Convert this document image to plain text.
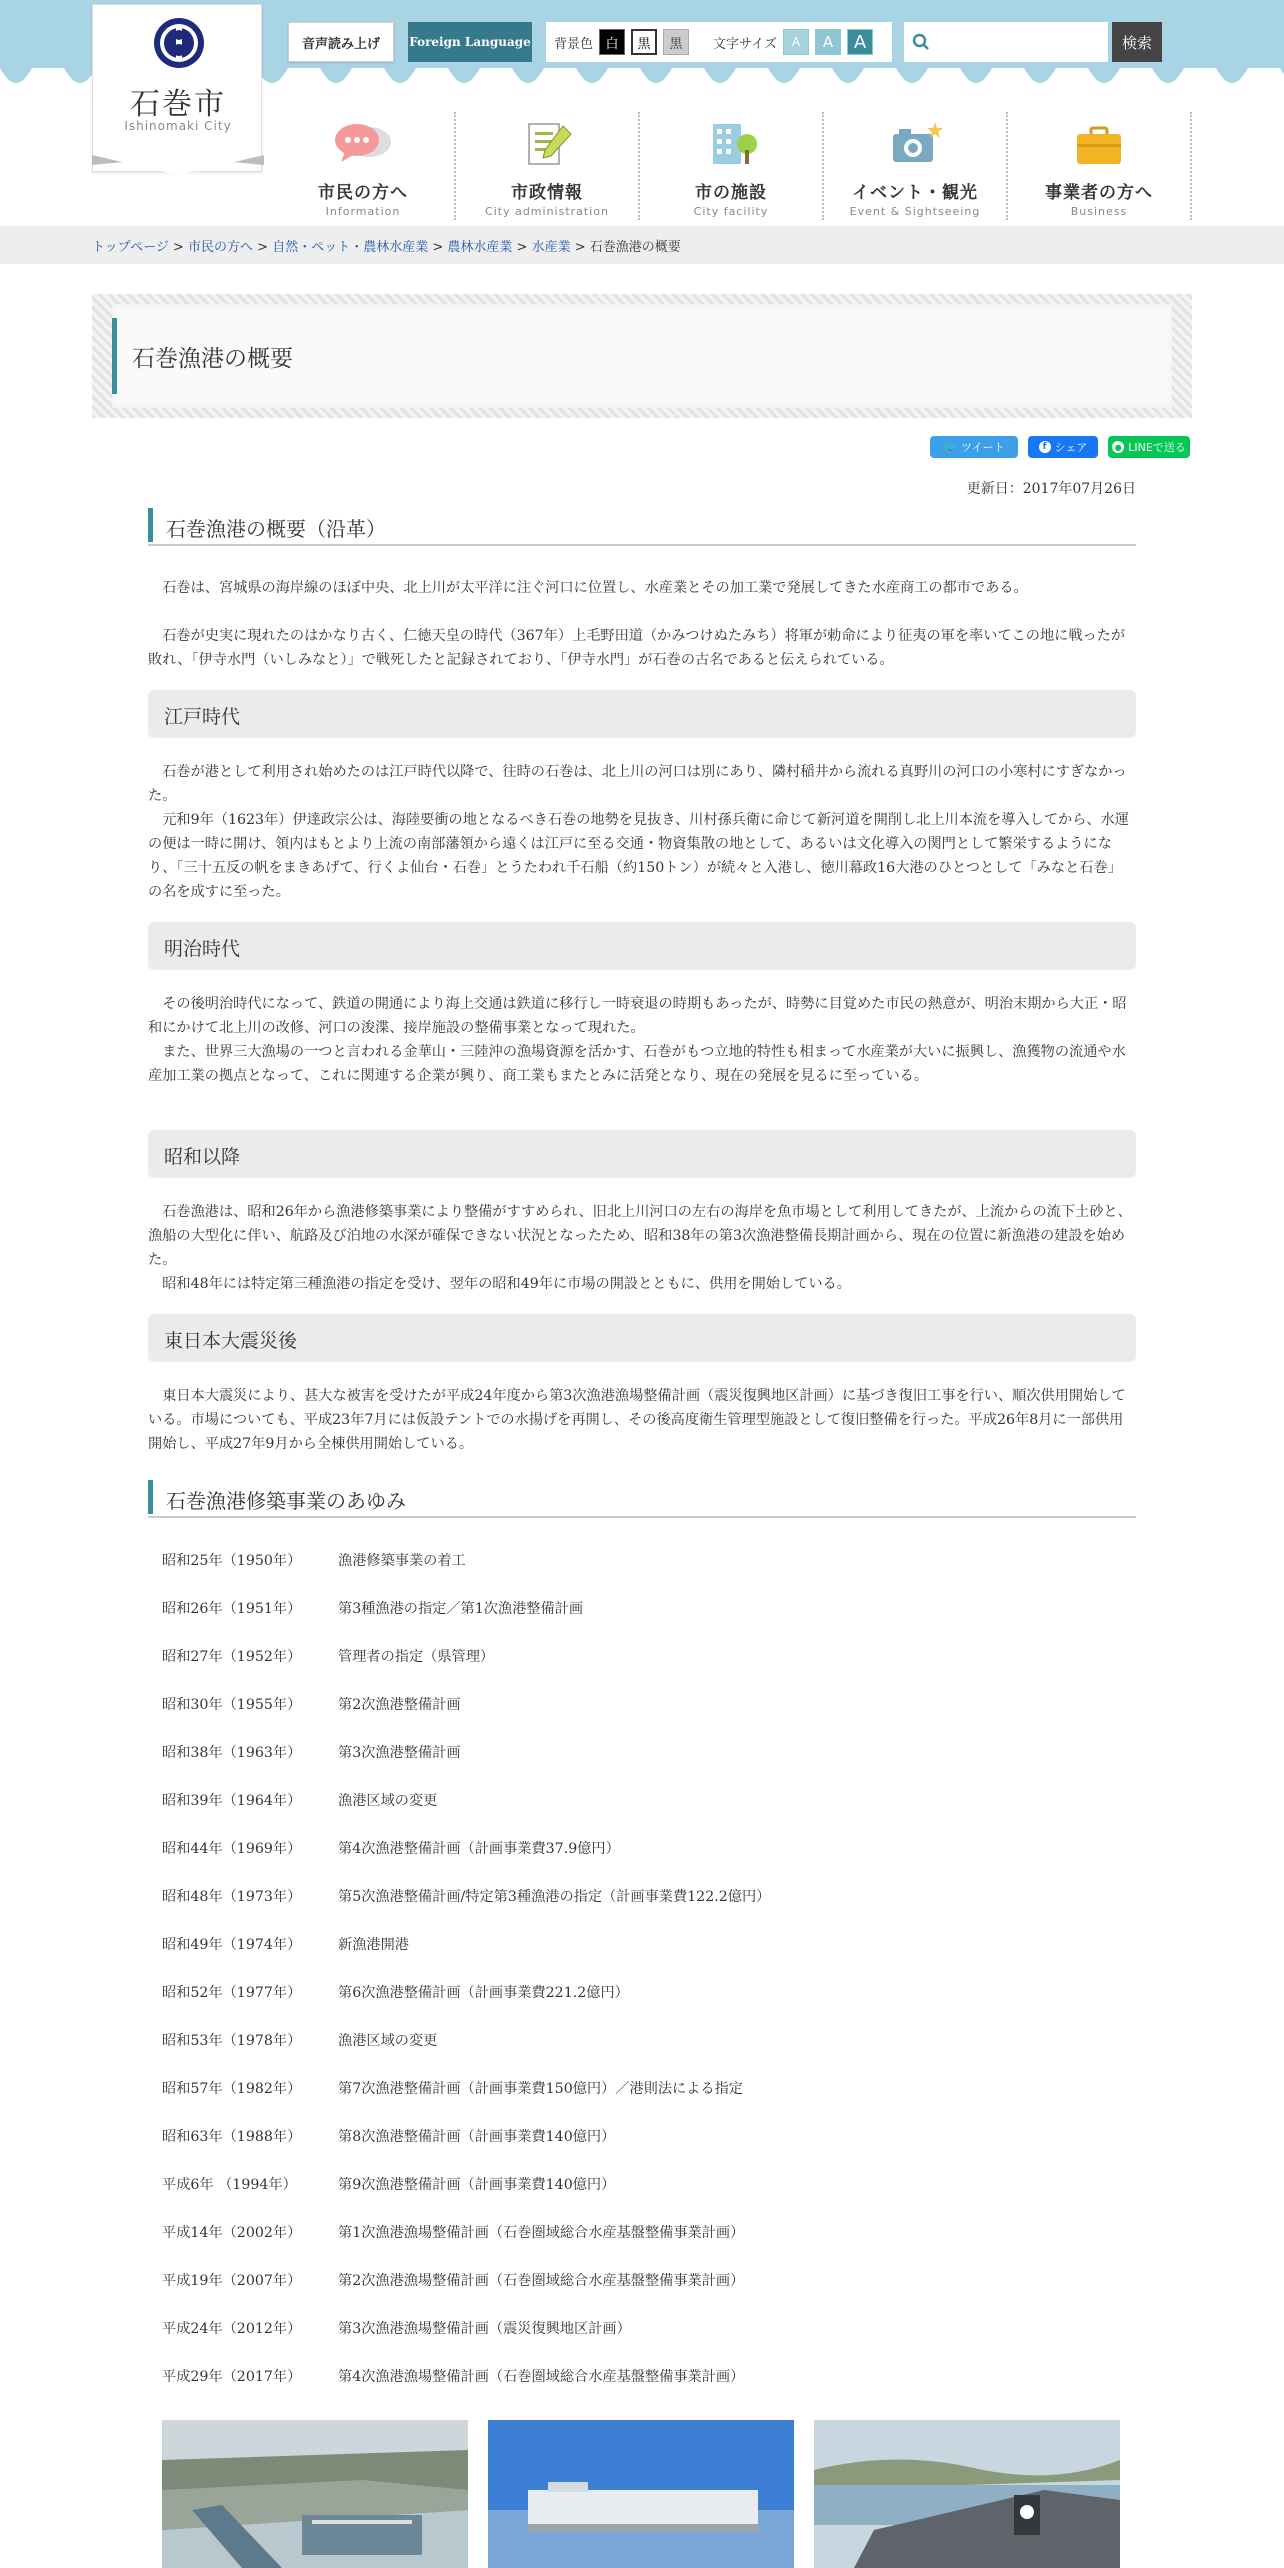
石巻市
Ishinomaki City
音声読み上げ	Foreign Language 背景色 白	黒	黒	文字サイズ	A	A	A	検索
市民の方へ
Information
市政情報
City administration
市の施設
City facility
イベント・観光
Event & Sightseeing
事業者の方へ
Business
トップページ > 市民の方へ > 自然・ペット・農林水産業 > 農林水産業 > 水産業 > 石巻漁港の概要
石巻漁港の概要
🐦 ツイート	f シェア	● LINEで送る
更新日：2017年07月26日
石巻漁港の概要（沿革）
石巻は、宮城県の海岸線のほぼ中央、北上川が太平洋に注ぐ河口に位置し、水産業とその加工業で発展してきた水産商工の都市である。
石巻が史実に現れたのはかなり古く、仁徳天皇の時代（367年）上毛野田道（かみつけぬたみち）将軍が勅命により征夷の軍を率いてこの地に戦ったが敗れ、「伊寺水門（いしみなと）」で戦死したと記録されており、「伊寺水門」が石巻の古名であると伝えられている。
江戸時代
石巻が港として利用され始めたのは江戸時代以降で、往時の石巻は、北上川の河口は別にあり、隣村稲井から流れる真野川の河口の小寒村にすぎなかった。
元和9年（1623年）伊達政宗公は、海陸要衝の地となるべき石巻の地勢を見抜き、川村孫兵衛に命じて新河道を開削し北上川本流を導入してから、水運の便は一時に開け、領内はもとより上流の南部藩領から遠くは江戸に至る交通・物資集散の地として、あるいは文化導入の関門として繁栄するようになり、「三十五反の帆をまきあげて、行くよ仙台・石巻」とうたわれ千石船（約150トン）が続々と入港し、徳川幕政16大港のひとつとして「みなと石巻」の名を成すに至った。
明治時代
その後明治時代になって、鉄道の開通により海上交通は鉄道に移行し一時衰退の時期もあったが、時勢に目覚めた市民の熱意が、明治末期から大正・昭和にかけて北上川の改修、河口の浚渫、接岸施設の整備事業となって現れた。
また、世界三大漁場の一つと言われる金華山・三陸沖の漁場資源を活かす、石巻がもつ立地的特性も相まって水産業が大いに振興し、漁獲物の流通や水産加工業の拠点となって、これに関連する企業が興り、商工業もまたとみに活発となり、現在の発展を見るに至っている。
昭和以降
石巻漁港は、昭和26年から漁港修築事業により整備がすすめられ、旧北上川河口の左右の海岸を魚市場として利用してきたが、上流からの流下土砂と、漁船の大型化に伴い、航路及び泊地の水深が確保できない状況となったため、昭和38年の第3次漁港整備長期計画から、現在の位置に新漁港の建設を始めた。
昭和48年には特定第三種漁港の指定を受け、翌年の昭和49年に市場の開設とともに、供用を開始している。
東日本大震災後
東日本大震災により、甚大な被害を受けたが平成24年度から第3次漁港漁場整備計画（震災復興地区計画）に基づき復旧工事を行い、順次供用開始している。市場についても、平成23年7月には仮設テントでの水揚げを再開し、その後高度衛生管理型施設として復旧整備を行った。平成26年8月に一部供用開始し、平成27年9月から全棟供用開始している。
石巻漁港修築事業のあゆみ
昭和25年（1950年）	漁港修築事業の着工
昭和26年（1951年）	第3種漁港の指定／第1次漁港整備計画
昭和27年（1952年）	管理者の指定（県管理）
昭和30年（1955年）	第2次漁港整備計画
昭和38年（1963年）	第3次漁港整備計画
昭和39年（1964年）	漁港区域の変更
昭和44年（1969年）	第4次漁港整備計画（計画事業費37.9億円）
昭和48年（1973年）	第5次漁港整備計画/特定第3種漁港の指定（計画事業費122.2億円）
昭和49年（1974年）	新漁港開港
昭和52年（1977年）	第6次漁港整備計画（計画事業費221.2億円）
昭和53年（1978年）	漁港区域の変更
昭和57年（1982年）	第7次漁港整備計画（計画事業費150億円）／港則法による指定
昭和63年（1988年）	第8次漁港整備計画（計画事業費140億円）
平成6年 （1994年）	第9次漁港整備計画（計画事業費140億円）
平成14年（2002年）	第1次漁港漁場整備計画（石巻圏域総合水産基盤整備事業計画）
平成19年（2007年）	第2次漁港漁場整備計画（石巻圏域総合水産基盤整備事業計画）
平成24年（2012年）	第3次漁港漁場整備計画（震災復興地区計画）
平成29年（2017年）	第4次漁港漁場整備計画（石巻圏域総合水産基盤整備事業計画）
